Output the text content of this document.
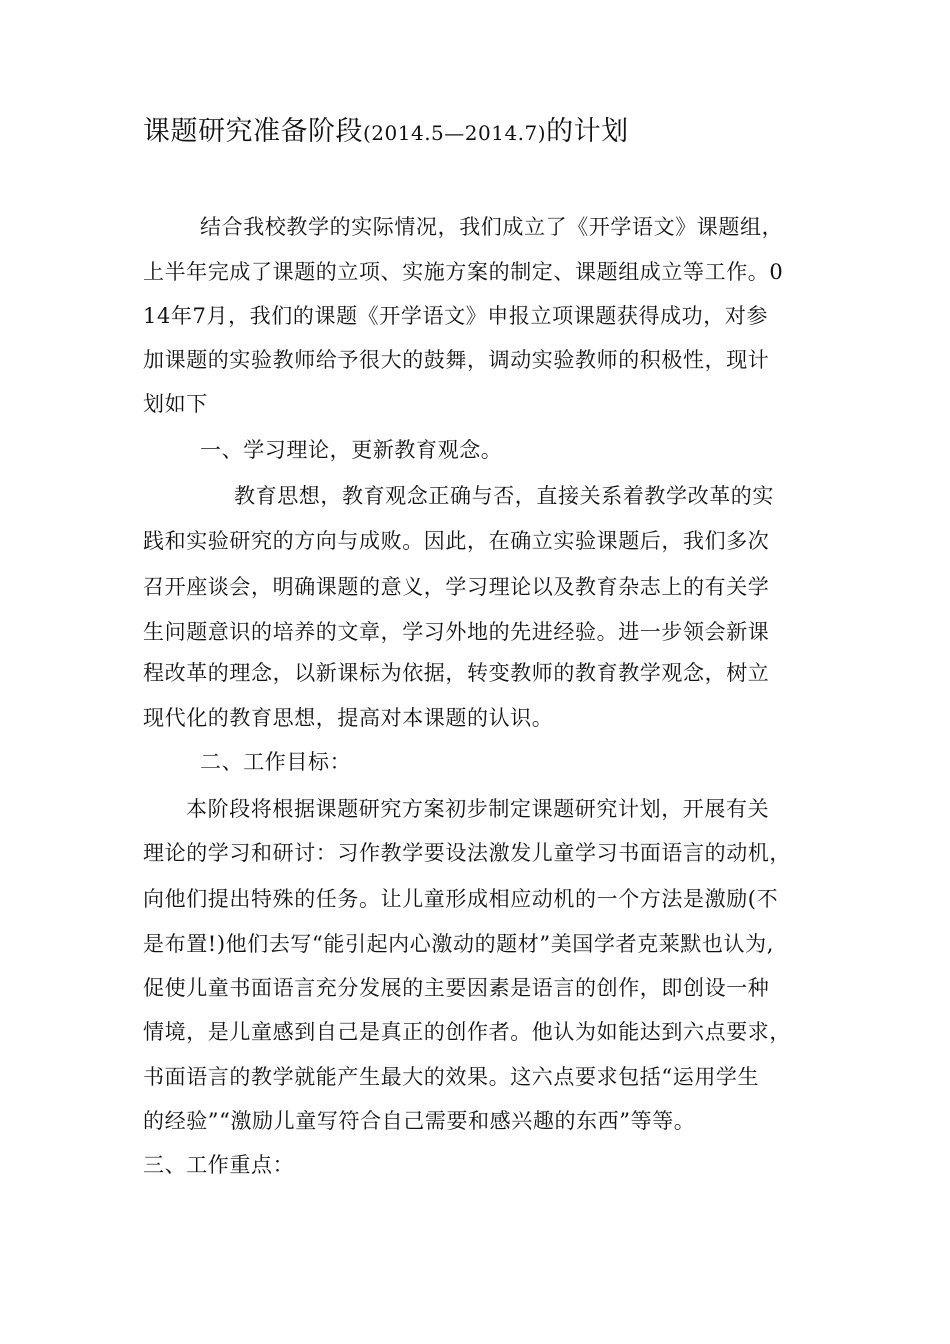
课题研究准备阶段(2014.5—2014.7)的计划
结合我校教学的实际情况，我们成立了《开学语文》课题组，
上半年完成了课题的立项、实施方案的制定、课题组成立等工作。0
14年7月，我们的课题《开学语文》申报立项课题获得成功，对参
加课题的实验教师给予很大的鼓舞，调动实验教师的积极性，现计
划如下
一、学习理论，更新教育观念。
教育思想，教育观念正确与否，直接关系着教学改革的实
践和实验研究的方向与成败。因此，在确立实验课题后，我们多次
召开座谈会，明确课题的意义，学习理论以及教育杂志上的有关学
生问题意识的培养的文章，学习外地的先进经验。进一步领会新课
程改革的理念，以新课标为依据，转变教师的教育教学观念，树立
现代化的教育思想，提高对本课题的认识。
二、工作目标：
本阶段将根据课题研究方案初步制定课题研究计划，开展有关
理论的学习和研讨：习作教学要设法激发儿童学习书面语言的动机，
向他们提出特殊的任务。让儿童形成相应动机的一个方法是激励(不
是布置!)他们去写“能引起内心激动的题材”美国学者克莱默也认为,
促使儿童书面语言充分发展的主要因素是语言的创作，即创设一种
情境，是儿童感到自己是真正的创作者。他认为如能达到六点要求，
书面语言的教学就能产生最大的效果。这六点要求包括“运用学生
的经验”“激励儿童写符合自己需要和感兴趣的东西”等等。
三、工作重点：
